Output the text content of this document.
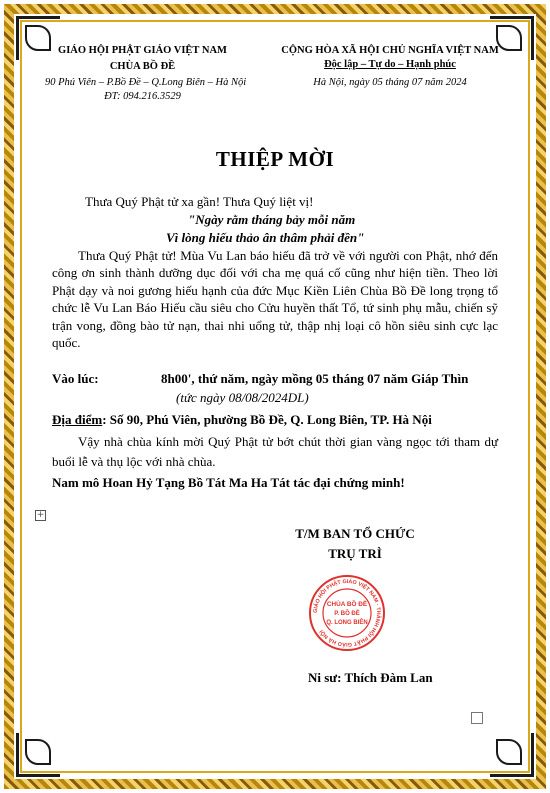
GIÁO HỘI PHẬT GIÁO VIỆT NAM
CHÙA BỒ ĐỀ
90 Phú Viên – P.Bồ Đề – Q.Long Biên – Hà Nội
ĐT: 094.216.3529
CỘNG HÒA XÃ HỘI CHỦ NGHĨA VIỆT NAM
Độc lập – Tự do – Hạnh phúc
Hà Nội, ngày 05 tháng 07 năm 2024
THIỆP MỜI
Thưa Quý Phật tử xa gần! Thưa Quý liệt vị!
"Ngày rằm tháng bảy mỗi năm
Vì lòng hiếu thảo ân thâm phải đền"
Thưa Quý Phật tử! Mùa Vu Lan báo hiếu đã trở về với người con Phật, nhớ đến công ơn sinh thành dưỡng dục đối với cha mẹ quá cố cũng như hiện tiền. Theo lời Phật dạy và noi gương hiếu hạnh của đức Mục Kiền Liên Chùa Bồ Đề long trọng tổ chức lễ Vu Lan Báo Hiếu cầu siêu cho Cửu huyền thất Tổ, tứ sinh phụ mẫu, chiến sỹ trận vong, đồng bào tử nạn, thai nhi uổng tử, thập nhị loại cô hồn siêu sinh cực lạc quốc.
Vào lúc:	8h00', thứ năm, ngày mồng 05 tháng 07 năm Giáp Thìn
(tức ngày 08/08/2024DL)
Địa điểm: Số 90, Phú Viên, phường Bồ Đề, Q. Long Biên, TP. Hà Nội
Vậy nhà chùa kính mời Quý Phật tử bớt chút thời gian vàng ngọc tới tham dự buổi lễ và thụ lộc với nhà chùa.
Nam mô Hoan Hỷ Tạng Bồ Tát Ma Ha Tát tác đại chứng minh!
+
T/M BAN TỔ CHỨC
TRỤ TRÌ
GIÁO HỘI PHẬT GIÁO VIỆT NAM · THÀNH HỘI PHẬT GIÁO HÀ NỘI
CHÙA BỒ ĐỀ
P. BỒ ĐỀ
Q. LONG BIÊN
Ni sư: Thích Đàm Lan
